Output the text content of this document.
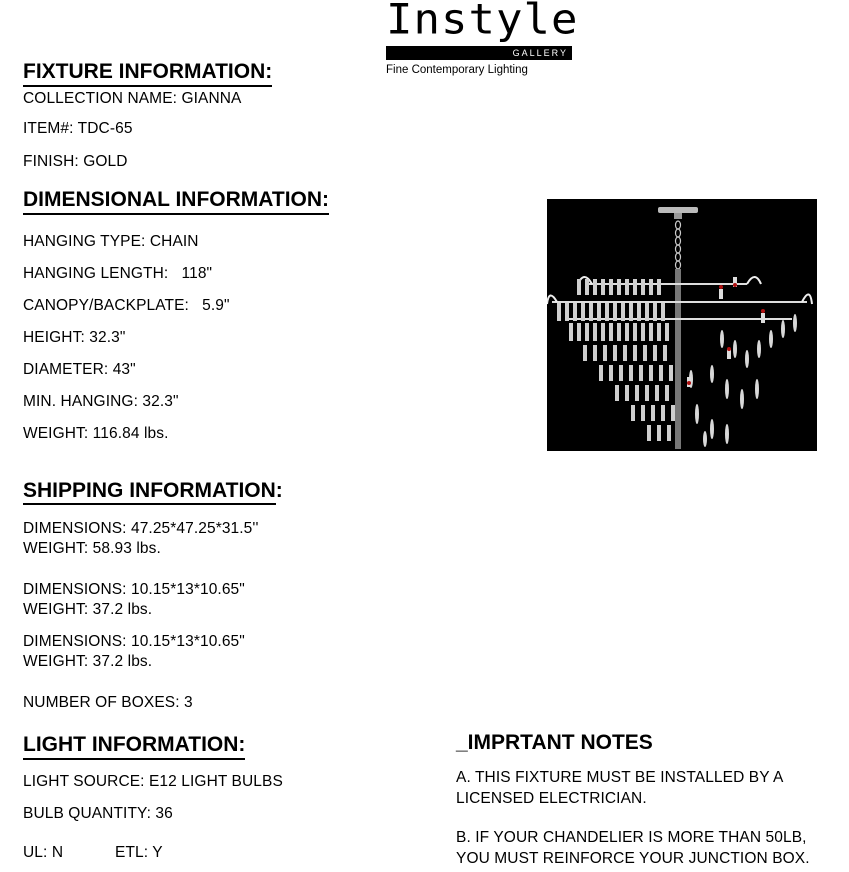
Instyle
GALLERY
Fine Contemporary Lighting
FIXTURE INFORMATION:
COLLECTION NAME: GIANNA
ITEM#: TDC-65
FINISH: GOLD
DIMENSIONAL INFORMATION:
HANGING TYPE: CHAIN
HANGING LENGTH:   118"
CANOPY/BACKPLATE:   5.9"
HEIGHT: 32.3"
DIAMETER: 43"
MIN. HANGING: 32.3"
WEIGHT: 116.84 lbs.
SHIPPING INFORMATION:
DIMENSIONS: 47.25*47.25*31.5''
WEIGHT: 58.93 lbs.
DIMENSIONS: 10.15*13*10.65"
WEIGHT: 37.2 lbs.
DIMENSIONS: 10.15*13*10.65"
WEIGHT: 37.2 lbs.
NUMBER OF BOXES: 3
LIGHT INFORMATION:
LIGHT SOURCE: E12 LIGHT BULBS
BULB QUANTITY: 36
UL: N	ETL: Y
_IMPRTANT NOTES
A. THIS FIXTURE MUST BE INSTALLED BY A
LICENSED ELECTRICIAN.
B. IF YOUR CHANDELIER IS MORE THAN 50LB,
YOU MUST REINFORCE YOUR JUNCTION BOX.
